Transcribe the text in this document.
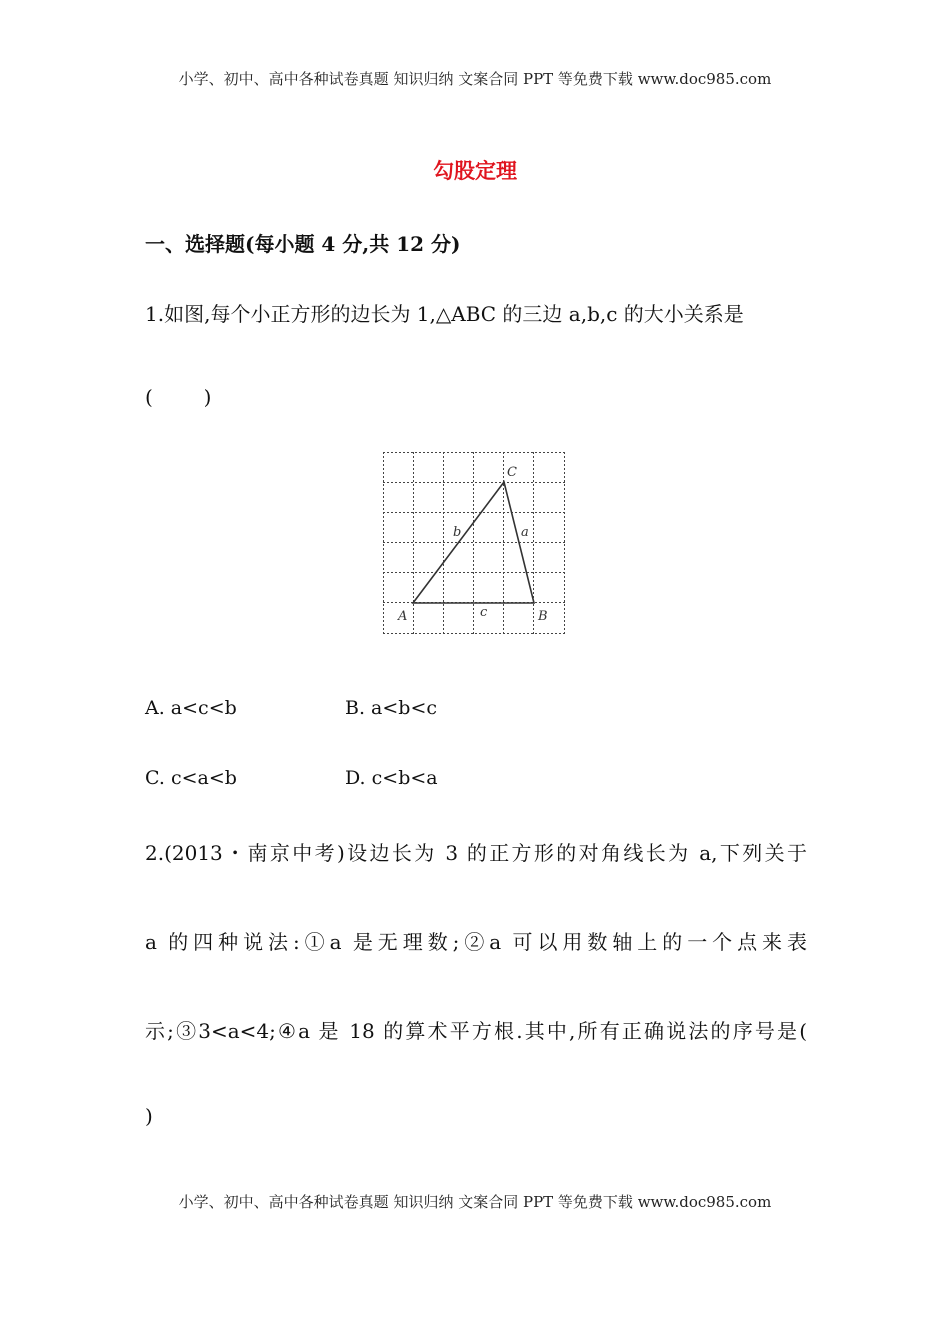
小学、初中、高中各种试卷真题 知识归纳 文案合同 PPT 等免费下载 www.doc985.com
勾股定理
一、选择题(每小题 4 分,共 12 分)
1.如图,每个小正方形的边长为 1,△ABC 的三边 a,b,c 的大小关系是
(        )
A	B
C
a
b
c
A. a<c<b	B. a<b<c
C. c<a<b	D. c<b<a
2.(2013・南京中考)设边长为 3 的正方形的对角线长为 a,下列关于
a 的四种说法:①a 是无理数;②a 可以用数轴上的一个点来表
示;③3<a<4;④a 是 18 的算术平方根.其中,所有正确说法的序号是(
)
小学、初中、高中各种试卷真题 知识归纳 文案合同 PPT 等免费下载 www.doc985.com
